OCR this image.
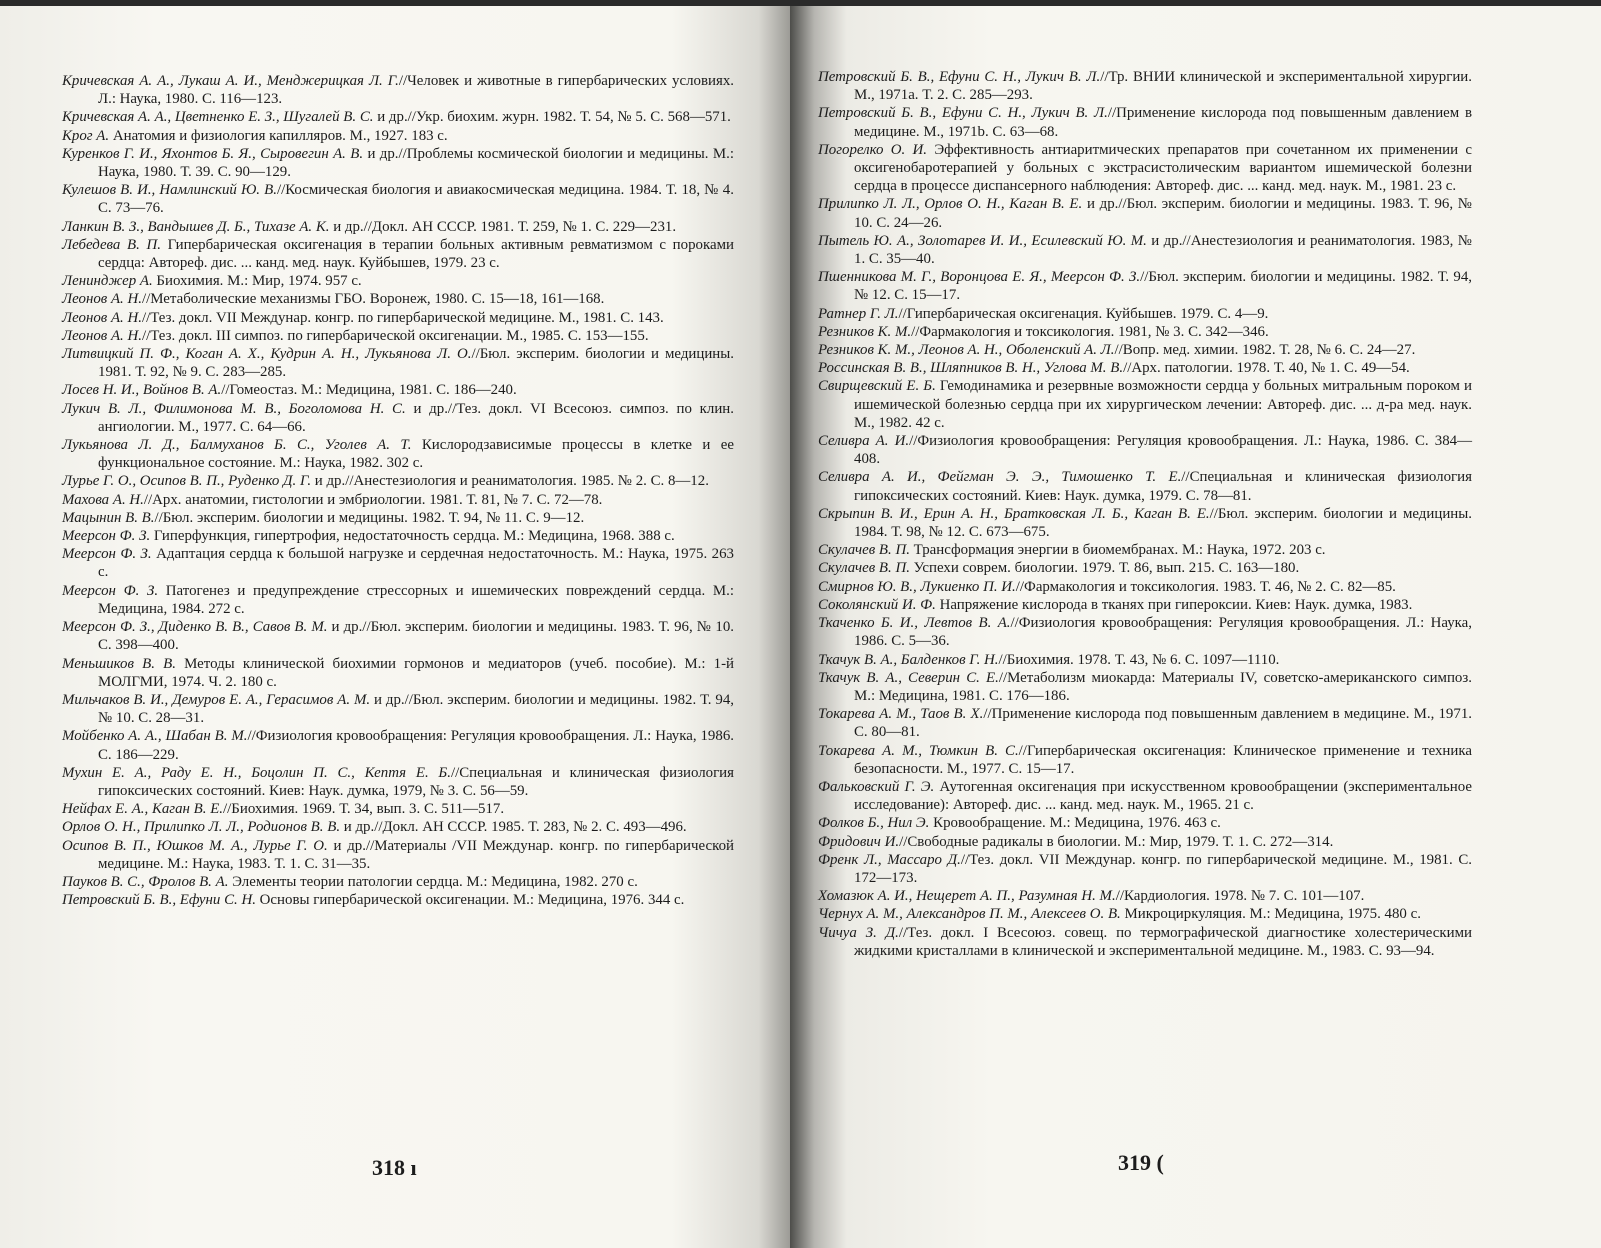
Кричевская А. А., Лукаш А. И., Менджерицкая Л. Г.//Человек и животные в гипербарических условиях. Л.: Наука, 1980. С. 116—123.

Кричевская А. А., Цветненко Е. З., Шугалей В. С. и др.//Укр. биохим. журн. 1982. Т. 54, № 5. С. 568—571.

Крог А. Анатомия и физиология капилляров. М., 1927. 183 с.

Куренков Г. И., Яхонтов Б. Я., Сыровегин А. В. и др.//Проблемы космической биологии и медицины. М.: Наука, 1980. Т. 39. С. 90—129.

Кулешов В. И., Намлинский Ю. В.//Космическая биология и авиакосмическая медицина. 1984. Т. 18, № 4. С. 73—76.

Ланкин В. З., Вандышев Д. Б., Тихазе А. К. и др.//Докл. АН СССР. 1981. Т. 259, № 1. С. 229—231.

Лебедева В. П. Гипербарическая оксигенация в терапии больных активным ревматизмом с пороками сердца: Автореф. дис. ... канд. мед. наук. Куйбышев, 1979. 23 с.

Ленинджер А. Биохимия. М.: Мир, 1974. 957 с.

Леонов А. Н.//Метаболические механизмы ГБО. Воронеж, 1980. С. 15—18, 161—168.

Леонов А. Н.//Тез. докл. VII Междунар. конгр. по гипербарической медицине. М., 1981. С. 143.

Леонов А. Н.//Тез. докл. III симпоз. по гипербарической оксигенации. М., 1985. С. 153—155.

Литвицкий П. Ф., Коган А. Х., Кудрин А. Н., Лукьянова Л. О.//Бюл. эксперим. биологии и медицины. 1981. Т. 92, № 9. С. 283—285.

Лосев Н. И., Войнов В. А.//Гомеостаз. М.: Медицина, 1981. С. 186—240.

Лукич В. Л., Филимонова М. В., Боголомова Н. С. и др.//Тез. докл. VI Всесоюз. симпоз. по клин. ангиологии. М., 1977. С. 64—66.

Лукьянова Л. Д., Балмуханов Б. С., Уголев А. Т. Кислородзависимые процессы в клетке и ее функциональное состояние. М.: Наука, 1982. 302 с.

Лурье Г. О., Осипов В. П., Руденко Д. Г. и др.//Анестезиология и реаниматология. 1985. № 2. С. 8—12.

Махова А. Н.//Арх. анатомии, гистологии и эмбриологии. 1981. Т. 81, № 7. С. 72—78.

Мацынин В. В.//Бюл. эксперим. биологии и медицины. 1982. Т. 94, № 11. С. 9—12.

Меерсон Ф. З. Гиперфункция, гипертрофия, недостаточность сердца. М.: Медицина, 1968. 388 с.

Меерсон Ф. З. Адаптация сердца к большой нагрузке и сердечная недостаточность. М.: Наука, 1975. 263 с.

Меерсон Ф. З. Патогенез и предупреждение стрессорных и ишемических повреждений сердца. М.: Медицина, 1984. 272 с.

Меерсон Ф. З., Диденко В. В., Савов В. М. и др.//Бюл. эксперим. биологии и медицины. 1983. Т. 96, № 10. С. 398—400.

Меньшиков В. В. Методы клинической биохимии гормонов и медиаторов (учеб. пособие). М.: 1-й МОЛГМИ, 1974. Ч. 2. 180 с.

Мильчаков В. И., Демуров Е. А., Герасимов А. М. и др.//Бюл. эксперим. биологии и медицины. 1982. Т. 94, № 10. С. 28—31.

Мойбенко А. А., Шабан В. М.//Физиология кровообращения: Регуляция кровообращения. Л.: Наука, 1986. С. 186—229.

Мухин Е. А., Раду Е. Н., Боцолин П. С., Кептя Е. Б.//Специальная и клиническая физиология гипоксических состояний. Киев: Наук. думка, 1979, № 3. С. 56—59.

Нейфах Е. А., Каган В. Е.//Биохимия. 1969. Т. 34, вып. 3. С. 511—517.

Орлов О. Н., Прилипко Л. Л., Родионов В. В. и др.//Докл. АН СССР. 1985. Т. 283, № 2. С. 493—496.

Осипов В. П., Юшков М. А., Лурье Г. О. и др.//Материалы /VII Междунар. конгр. по гипербарической медицине. М.: Наука, 1983. Т. 1. С. 31—35.

Пауков В. С., Фролов В. А. Элементы теории патологии сердца. М.: Медицина, 1982. 270 с.

Петровский Б. В., Ефуни С. Н. Основы гипербарической оксигенации. М.: Медицина, 1976. 344 с.

Петровский Б. В., Ефуни С. Н., Лукич В. Л.//Тр. ВНИИ клинической и экспериментальной хирургии. М., 1971a. Т. 2. С. 285—293.

Петровский Б. В., Ефуни С. Н., Лукич В. Л.//Применение кислорода под повышенным давлением в медицине. М., 1971b. С. 63—68.

Погорелко О. И. Эффективность антиаритмических препаратов при сочетанном их применении с оксигенобаротерапией у больных с экстрасистолическим вариантом ишемической болезни сердца в процессе диспансерного наблюдения: Автореф. дис. ... канд. мед. наук. М., 1981. 23 с.

Прилипко Л. Л., Орлов О. Н., Каган В. Е. и др.//Бюл. эксперим. биологии и медицины. 1983. Т. 96, № 10. С. 24—26.

Пытель Ю. А., Золотарев И. И., Есилевский Ю. М. и др.//Анестезиология и реаниматология. 1983, № 1. С. 35—40.

Пшенникова М. Г., Воронцова Е. Я., Меерсон Ф. З.//Бюл. эксперим. биологии и медицины. 1982. Т. 94, № 12. С. 15—17.

Ратнер Г. Л.//Гипербарическая оксигенация. Куйбышев. 1979. С. 4—9.

Резников К. М.//Фармакология и токсикология. 1981, № 3. С. 342—346.

Резников К. М., Леонов А. Н., Оболенский А. Л.//Вопр. мед. химии. 1982. Т. 28, № 6. С. 24—27.

Россинская В. В., Шляпников В. Н., Углова М. В.//Арх. патологии. 1978. Т. 40, № 1. С. 49—54.

Свирщевский Е. Б. Гемодинамика и резервные возможности сердца у больных митральным пороком и ишемической болезнью сердца при их хирургическом лечении: Автореф. дис. ... д-ра мед. наук. М., 1982. 42 с.

Селивра А. И.//Физиология кровообращения: Регуляция кровообращения. Л.: Наука, 1986. С. 384—408.

Селивра А. И., Фейгман Э. Э., Тимошенко Т. Е.//Специальная и клиническая физиология гипоксических состояний. Киев: Наук. думка, 1979. С. 78—81.

Скрыпин В. И., Ерин А. Н., Братковская Л. Б., Каган В. Е.//Бюл. эксперим. биологии и медицины. 1984. Т. 98, № 12. С. 673—675.

Скулачев В. П. Трансформация энергии в биомембранах. М.: Наука, 1972. 203 с.

Скулачев В. П. Успехи соврем. биологии. 1979. Т. 86, вып. 215. С. 163—180.

Смирнов Ю. В., Лукиенко П. И.//Фармакология и токсикология. 1983. Т. 46, № 2. С. 82—85.

Соколянский И. Ф. Напряжение кислорода в тканях при гипероксии. Киев: Наук. думка, 1983.

Ткаченко Б. И., Левтов В. А.//Физиология кровообращения: Регуляция кровообращения. Л.: Наука, 1986. С. 5—36.

Ткачук В. А., Балденков Г. Н.//Биохимия. 1978. Т. 43, № 6. С. 1097—1110.

Ткачук В. А., Северин С. Е.//Метаболизм миокарда: Материалы IV, советско-американского симпоз. М.: Медицина, 1981. С. 176—186.

Токарева А. М., Таов В. Х.//Применение кислорода под повышенным давлением в медицине. М., 1971. С. 80—81.

Токарева А. М., Тюмкин В. С.//Гипербарическая оксигенация: Клиническое применение и техника безопасности. М., 1977. С. 15—17.

Фальковский Г. Э. Аутогенная оксигенация при искусственном кровообращении (экспериментальное исследование): Автореф. дис. ... канд. мед. наук. М., 1965. 21 с.

Фолков Б., Нил Э. Кровообращение. М.: Медицина, 1976. 463 с.

Фридович И.//Свободные радикалы в биологии. М.: Мир, 1979. Т. 1. С. 272—314.

Френк Л., Массаро Д.//Тез. докл. VII Междунар. конгр. по гипербарической медицине. М., 1981. С. 172—173.

Хомазюк А. И., Нещерет А. П., Разумная Н. М.//Кардиология. 1978. № 7. С. 101—107.

Чернух А. М., Александров П. М., Алексеев О. В. Микроциркуляция. М.: Медицина, 1975. 480 с.

Чичуа З. Д.//Тез. докл. I Всесоюз. совещ. по термографической диагностике холестерическими жидкими кристаллами в клинической и экспериментальной медицине. М., 1983. С. 93—94.

318 ı	319 (
